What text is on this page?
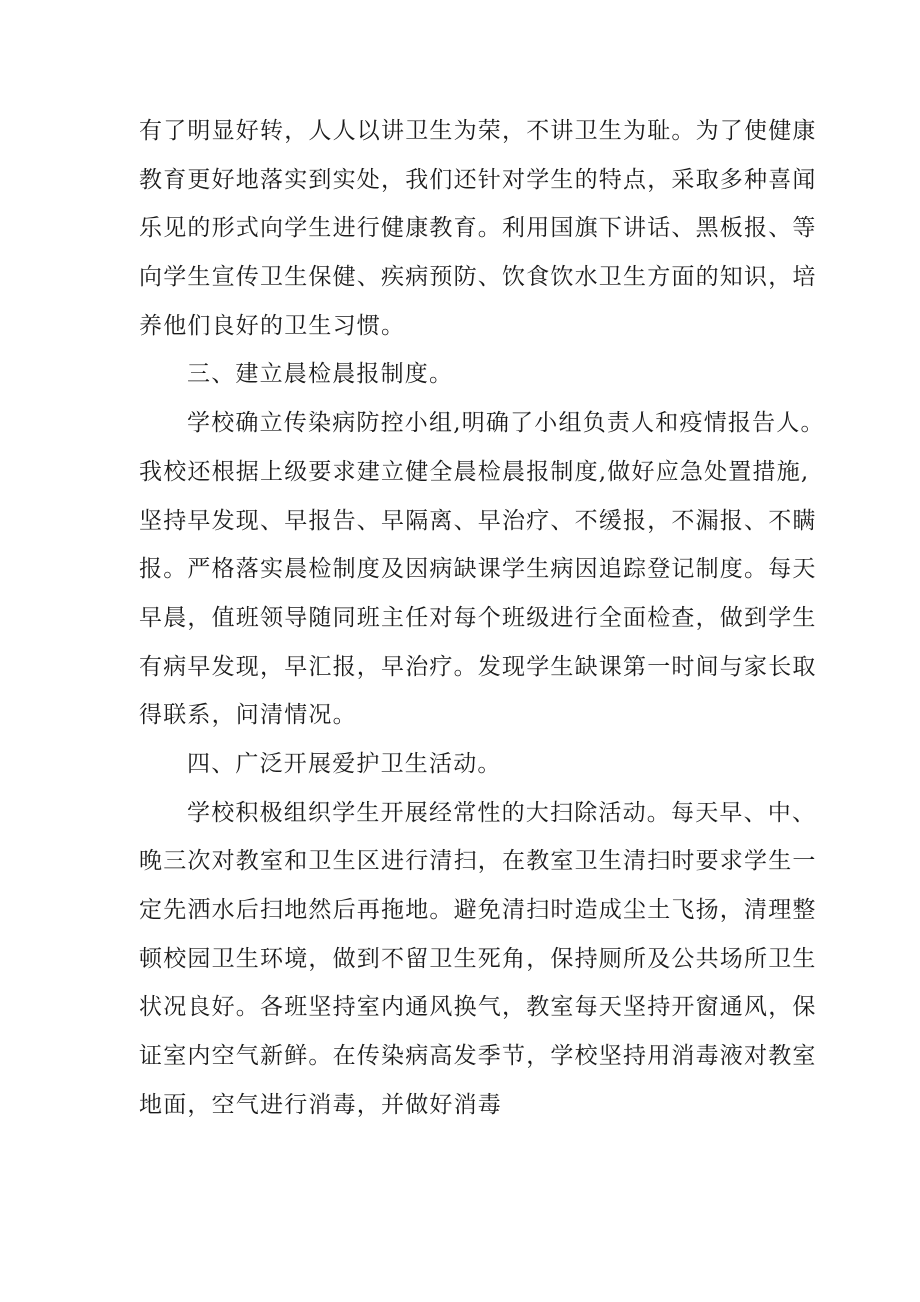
有了明显好转，人人以讲卫生为荣，不讲卫生为耻。为了使健康
教育更好地落实到实处，我们还针对学生的特点，采取多种喜闻
乐见的形式向学生进行健康教育。利用国旗下讲话、黑板报、等
向学生宣传卫生保健、疾病预防、饮食饮水卫生方面的知识，培
养他们良好的卫生习惯。
三、建立晨检晨报制度。
学校确立传染病防控小组,明确了小组负责人和疫情报告人。
我校还根据上级要求建立健全晨检晨报制度,做好应急处置措施,
坚持早发现、早报告、早隔离、早治疗、不缓报，不漏报、不瞒
报。严格落实晨检制度及因病缺课学生病因追踪登记制度。每天
早晨，值班领导随同班主任对每个班级进行全面检查，做到学生
有病早发现，早汇报，早治疗。发现学生缺课第一时间与家长取
得联系，问清情况。
四、广泛开展爱护卫生活动。
学校积极组织学生开展经常性的大扫除活动。每天早、中、
晚三次对教室和卫生区进行清扫，在教室卫生清扫时要求学生一
定先洒水后扫地然后再拖地。避免清扫时造成尘土飞扬，清理整
顿校园卫生环境，做到不留卫生死角，保持厕所及公共场所卫生
状况良好。各班坚持室内通风换气，教室每天坚持开窗通风，保
证室内空气新鲜。在传染病高发季节，学校坚持用消毒液对教室
地面，空气进行消毒，并做好消毒
